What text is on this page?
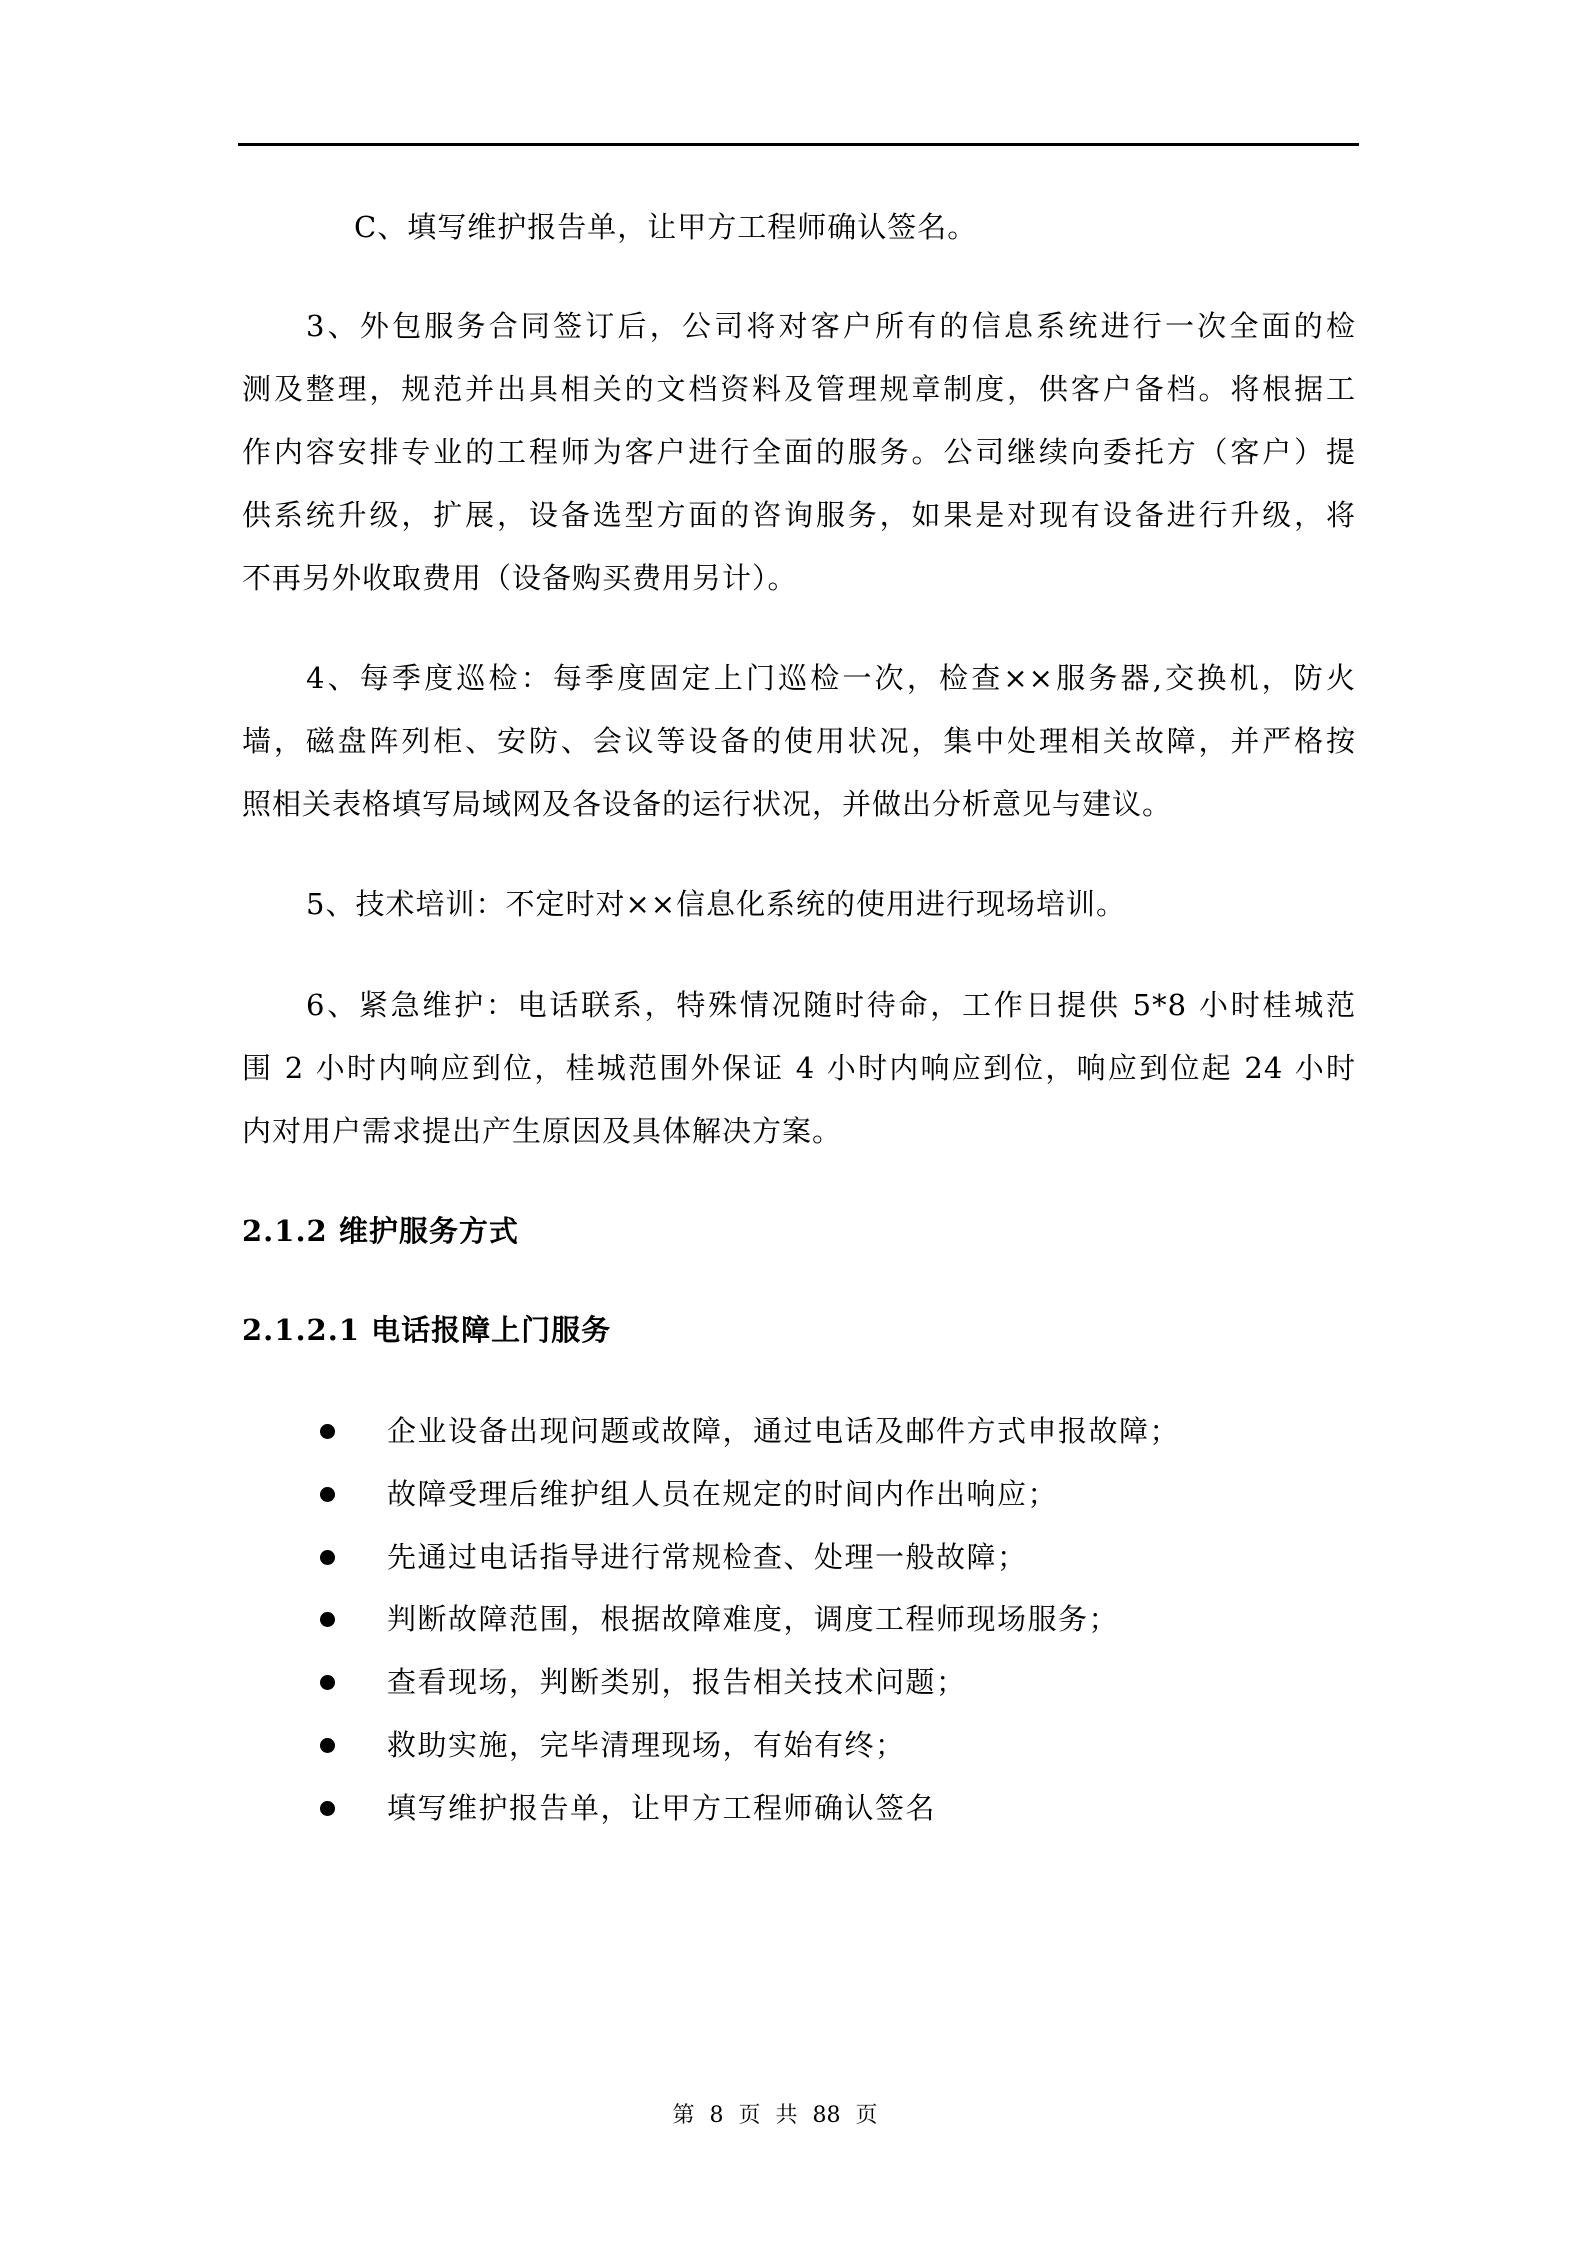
C、填写维护报告单，让甲方工程师确认签名。
3、外包服务合同签订后，公司将对客户所有的信息系统进行一次全面的检
测及整理，规范并出具相关的文档资料及管理规章制度，供客户备档。将根据工
作内容安排专业的工程师为客户进行全面的服务。公司继续向委托方（客户）提
供系统升级，扩展，设备选型方面的咨询服务，如果是对现有设备进行升级，将
不再另外收取费用（设备购买费用另计）。
4、每季度巡检：每季度固定上门巡检一次，检查××服务器,交换机，防火
墙，磁盘阵列柜、安防、会议等设备的使用状况，集中处理相关故障，并严格按
照相关表格填写局域网及各设备的运行状况，并做出分析意见与建议。
5、技术培训：不定时对××信息化系统的使用进行现场培训。
6、紧急维护：电话联系，特殊情况随时待命，工作日提供 5*8 小时桂城范
围 2 小时内响应到位，桂城范围外保证 4 小时内响应到位，响应到位起 24 小时
内对用户需求提出产生原因及具体解决方案。
2.1.2 维护服务方式
2.1.2.1 电话报障上门服务
企业设备出现问题或故障，通过电话及邮件方式申报故障；
故障受理后维护组人员在规定的时间内作出响应；
先通过电话指导进行常规检查、处理一般故障；
判断故障范围，根据故障难度，调度工程师现场服务；
查看现场，判断类别，报告相关技术问题；
救助实施，完毕清理现场，有始有终；
填写维护报告单，让甲方工程师确认签名
第 8 页 共 88 页
